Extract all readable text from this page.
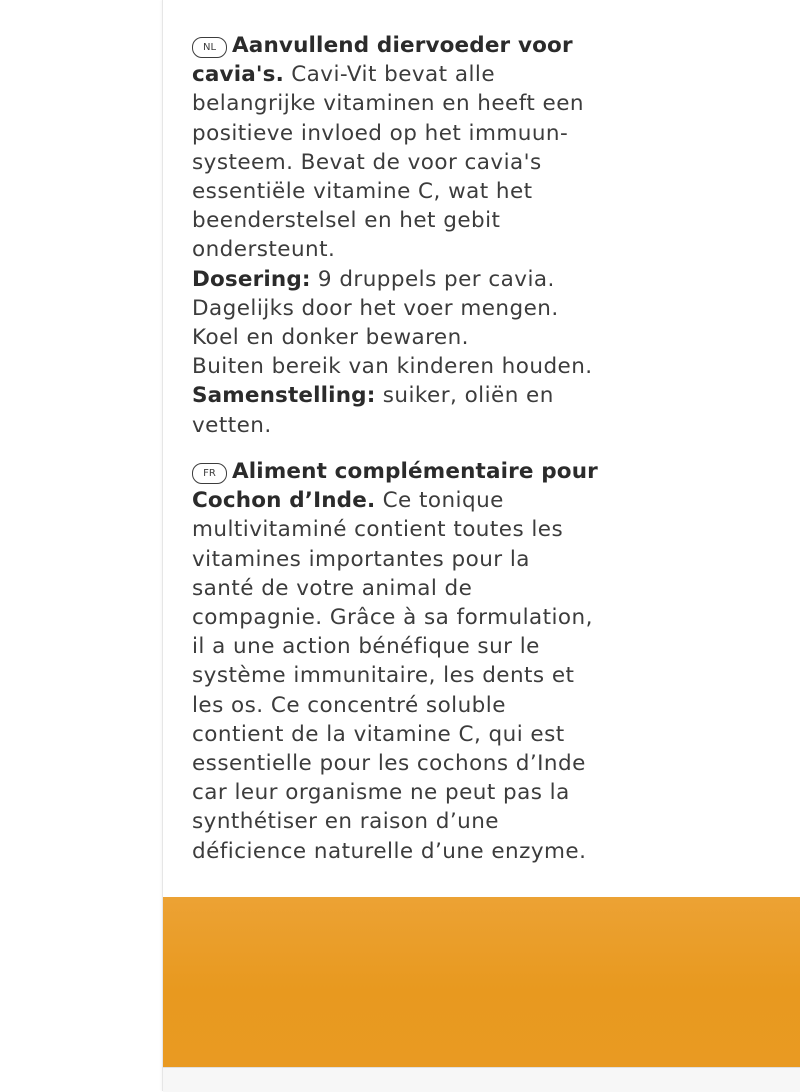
NL Aanvullend diervoeder voor
cavia's. Cavi-Vit bevat alle
belangrijke vitaminen en heeft een
positieve invloed op het immuun-
systeem. Bevat de voor cavia's
essentiële vitamine C, wat het
beenderstelsel en het gebit
ondersteunt.
Dosering: 9 druppels per cavia.
Dagelijks door het voer mengen.
Koel en donker bewaren.
Buiten bereik van kinderen houden.
Samenstelling: suiker, oliën en
vetten.
FR Aliment complémentaire pour
Cochon d’Inde. Ce tonique
multivitaminé contient toutes les
vitamines importantes pour la
santé de votre animal de
compagnie. Grâce à sa formulation,
il a une action bénéfique sur le
système immunitaire, les dents et
les os. Ce concentré soluble
contient de la vitamine C, qui est
essentielle pour les cochons d’Inde
car leur organisme ne peut pas la
synthétiser en raison d’une
déficience naturelle d’une enzyme.
